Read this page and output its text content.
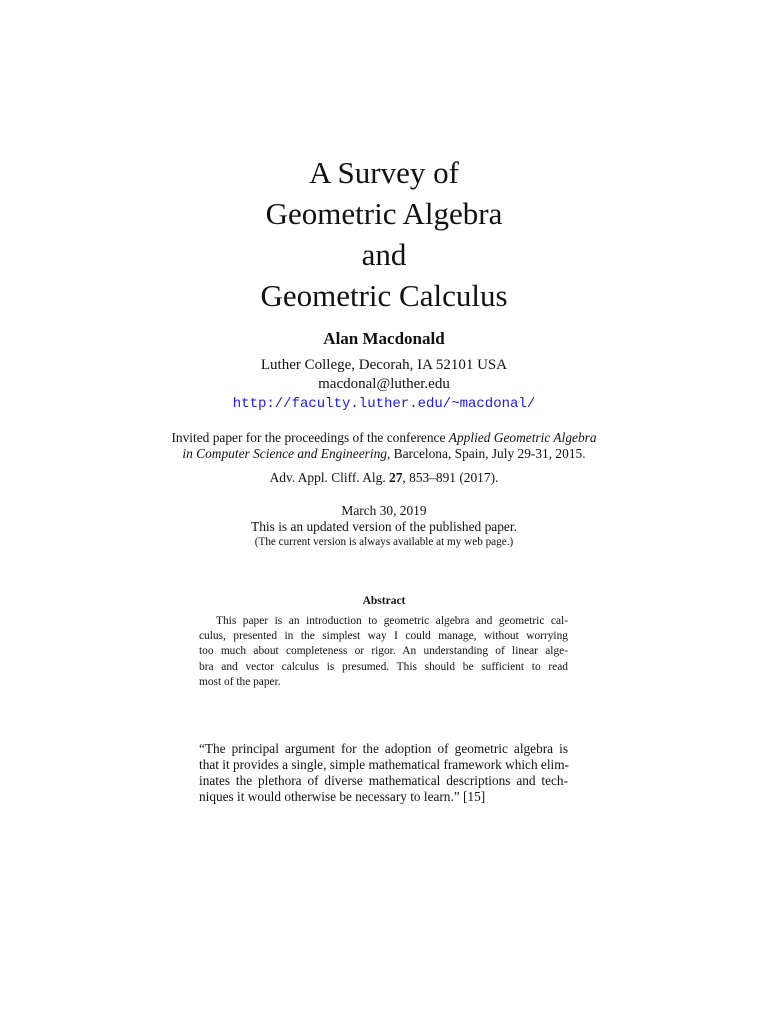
A Survey of
Geometric Algebra
and
Geometric Calculus
Alan Macdonald
Luther College, Decorah, IA 52101 USA
macdonal@luther.edu
http://faculty.luther.edu/~macdonal/
Invited paper for the proceedings of the conference Applied Geometric Algebra
in Computer Science and Engineering, Barcelona, Spain, July 29-31, 2015.
Adv. Appl. Cliff. Alg. 27, 853–891 (2017).
March 30, 2019
This is an updated version of the published paper.
(The current version is always available at my web page.)
Abstract
This paper is an introduction to geometric algebra and geometric cal-
culus, presented in the simplest way I could manage, without worrying
too much about completeness or rigor. An understanding of linear alge-
bra and vector calculus is presumed. This should be sufficient to read
most of the paper.
“The principal argument for the adoption of geometric algebra is
that it provides a single, simple mathematical framework which elim-
inates the plethora of diverse mathematical descriptions and tech-
niques it would otherwise be necessary to learn.” [15]
